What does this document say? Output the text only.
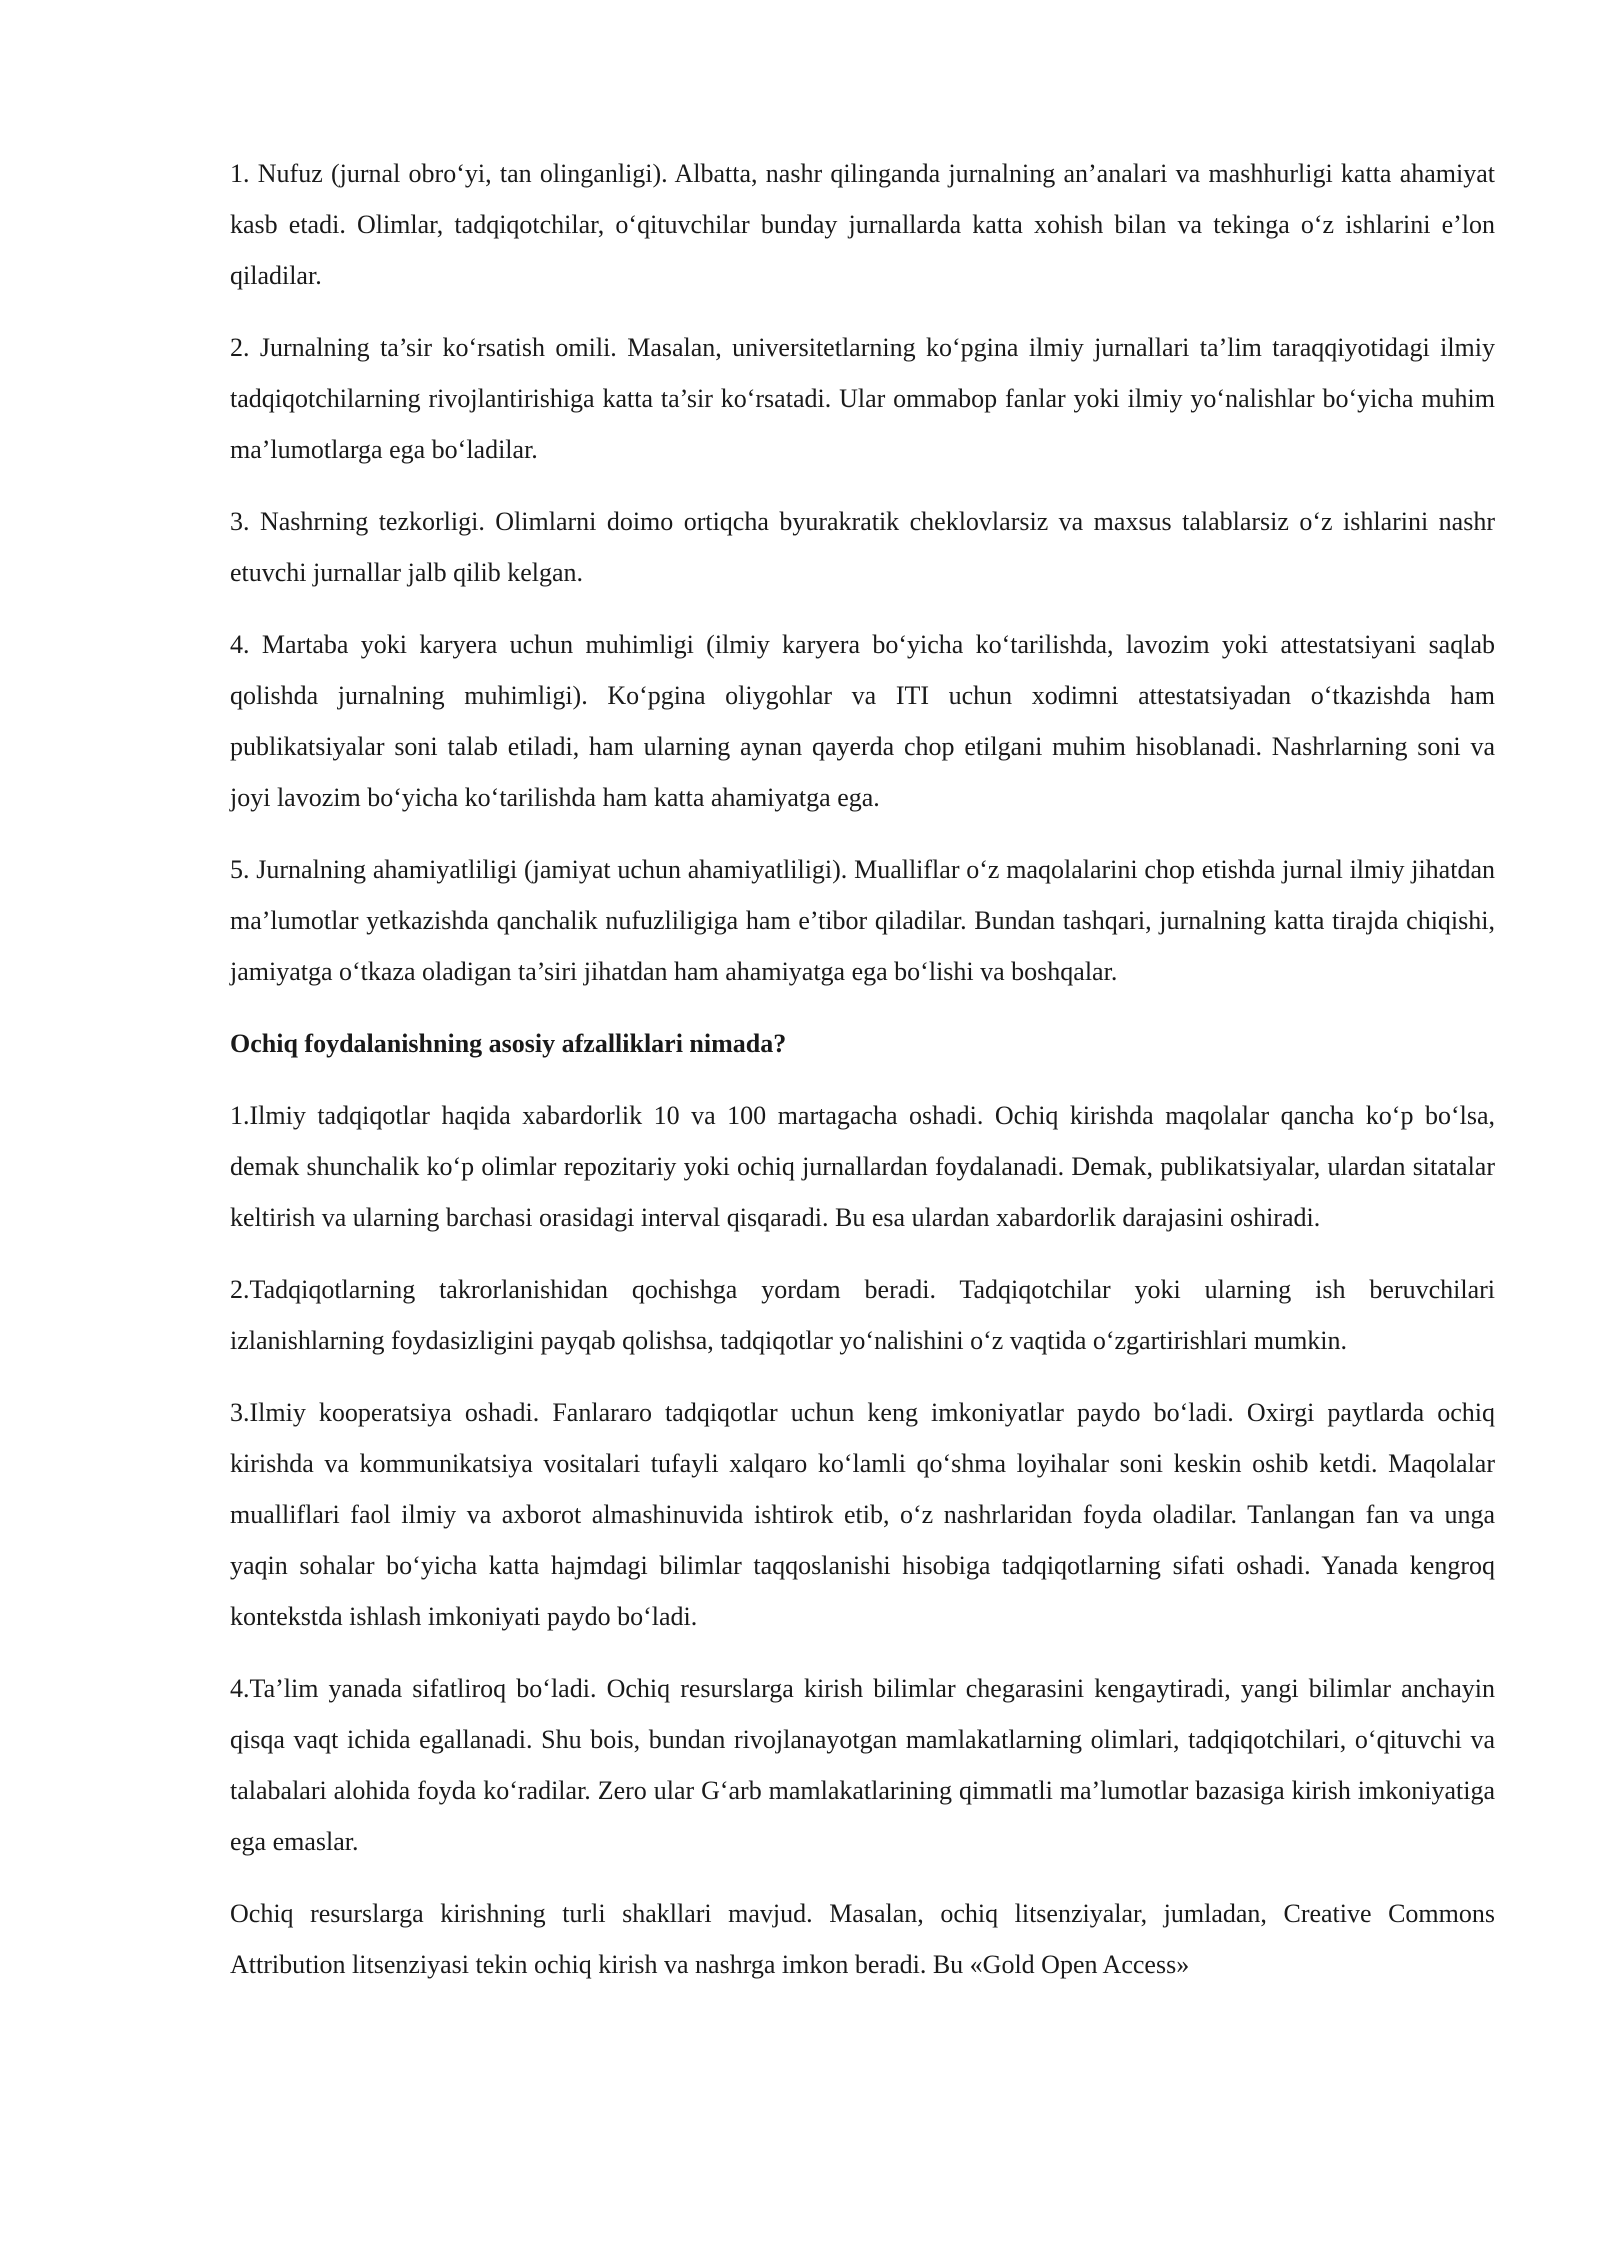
1. Nufuz (jurnal obro‘yi, tan olinganligi). Albatta, nashr qilinganda jurnalning an’analari va mashhurligi katta ahamiyat kasb etadi. Olimlar, tadqiqotchilar, o‘qituvchilar bunday jurnallarda katta xohish bilan va tekinga o‘z ishlarini e’lon qiladilar.

2. Jurnalning ta’sir ko‘rsatish omili. Masalan, universitetlarning ko‘pgina ilmiy jurnallari ta’lim taraqqiyotidagi ilmiy tadqiqotchilarning rivojlantirishiga katta ta’sir ko‘rsatadi. Ular ommabop fanlar yoki ilmiy yo‘nalishlar bo‘yicha muhim ma’lumotlarga ega bo‘ladilar.

3. Nashrning tezkorligi. Olimlarni doimo ortiqcha byurakratik cheklovlarsiz va maxsus talablarsiz o‘z ishlarini nashr etuvchi jurnallar jalb qilib kelgan.

4. Martaba yoki karyera uchun muhimligi (ilmiy karyera bo‘yicha ko‘tarilishda, lavozim yoki attestatsiyani saqlab qolishda jurnalning muhimligi). Ko‘pgina oliygohlar va ITI uchun xodimni attestatsiyadan o‘tkazishda ham publikatsiyalar soni talab etiladi, ham ularning aynan qayerda chop etilgani muhim hisoblanadi. Nashrlarning soni va joyi lavozim bo‘yicha ko‘tarilishda ham katta ahamiyatga ega.

5. Jurnalning ahamiyatliligi (jamiyat uchun ahamiyatliligi). Mualliflar o‘z maqolalarini chop etishda jurnal ilmiy jihatdan ma’lumotlar yetkazishda qanchalik nufuzliligiga ham e’tibor qiladilar. Bundan tashqari, jurnalning katta tirajda chiqishi, jamiyatga o‘tkaza oladigan ta’siri jihatdan ham ahamiyatga ega bo‘lishi va boshqalar.

Ochiq foydalanishning asosiy afzalliklari nimada?

1.Ilmiy tadqiqotlar haqida xabardorlik 10 va 100 martagacha oshadi. Ochiq kirishda maqolalar qancha ko‘p bo‘lsa, demak shunchalik ko‘p olimlar repozitariy yoki ochiq jurnallardan foydalanadi. Demak, publikatsiyalar, ulardan sitatalar keltirish va ularning barchasi orasidagi interval qisqaradi. Bu esa ulardan xabardorlik darajasini oshiradi.

2.Tadqiqotlarning takrorlanishidan qochishga yordam beradi. Tadqiqotchilar yoki ularning ish beruvchilari izlanishlarning foydasizligini payqab qolishsa, tadqiqotlar yo‘nalishini o‘z vaqtida o‘zgartirishlari mumkin.

3.Ilmiy kooperatsiya oshadi. Fanlararo tadqiqotlar uchun keng imkoniyatlar paydo bo‘ladi. Oxirgi paytlarda ochiq kirishda va kommunikatsiya vositalari tufayli xalqaro ko‘lamli qo‘shma loyihalar soni keskin oshib ketdi. Maqolalar mualliflari faol ilmiy va axborot almashinuvida ishtirok etib, o‘z nashrlaridan foyda oladilar. Tanlangan fan va unga yaqin sohalar bo‘yicha katta hajmdagi bilimlar taqqoslanishi hisobiga tadqiqotlarning sifati oshadi. Yanada kengroq kontekstda ishlash imkoniyati paydo bo‘ladi.

4.Ta’lim yanada sifatliroq bo‘ladi. Ochiq resurslarga kirish bilimlar chegarasini kengaytiradi, yangi bilimlar anchayin qisqa vaqt ichida egallanadi. Shu bois, bundan rivojlanayotgan mamlakatlarning olimlari, tadqiqotchilari, o‘qituvchi va talabalari alohida foyda ko‘radilar. Zero ular G‘arb mamlakatlarining qimmatli ma’lumotlar bazasiga kirish imkoniyatiga ega emaslar.

Ochiq resurslarga kirishning turli shakllari mavjud. Masalan, ochiq litsenziyalar, jumladan, Creative Commons Attribution litsenziyasi tekin ochiq kirish va nashrga imkon beradi. Bu «Gold Open Access»
